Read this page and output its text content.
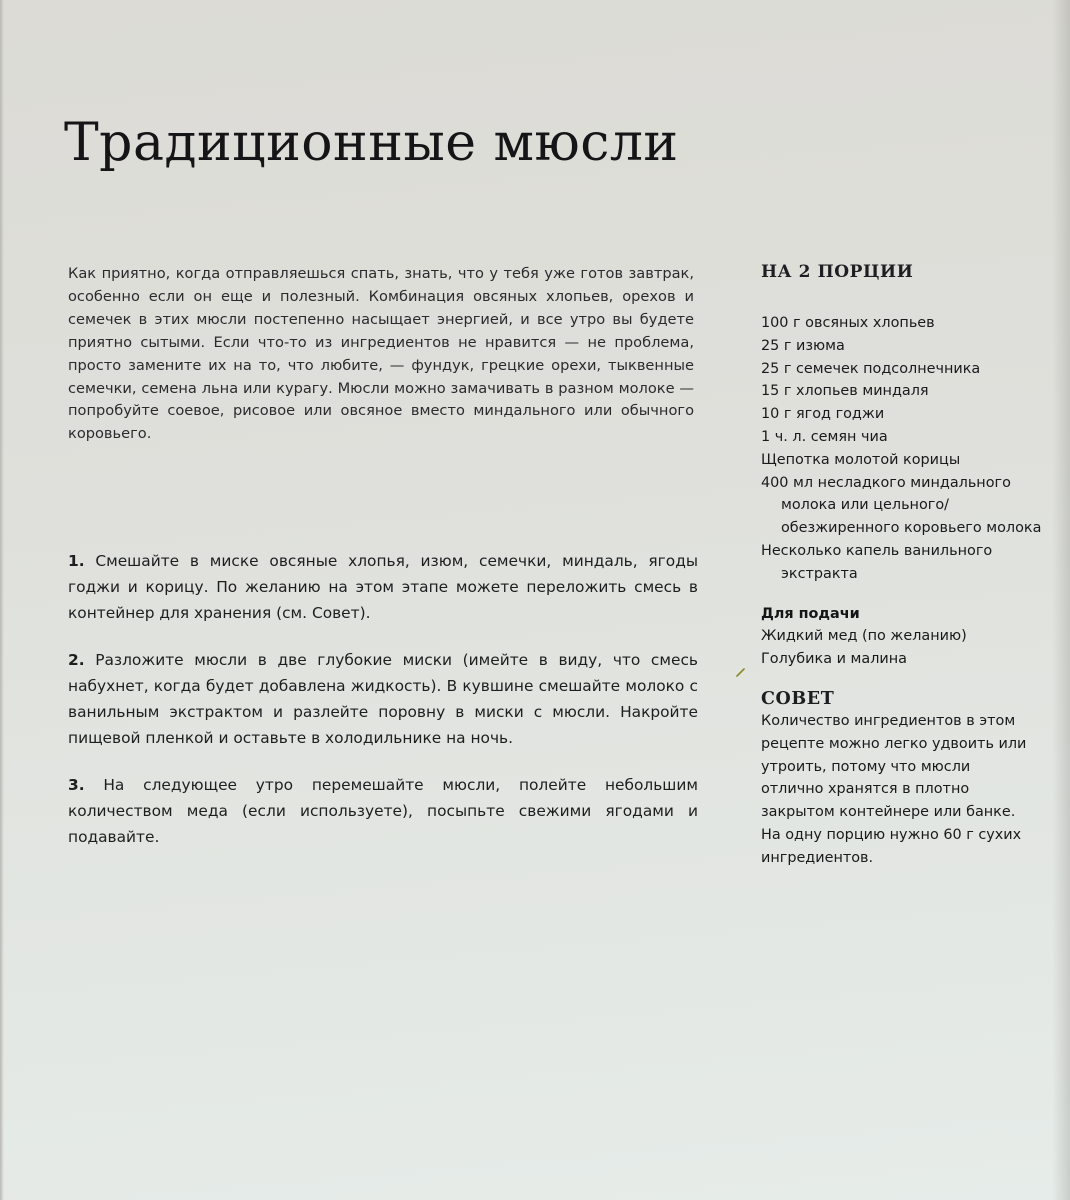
Традиционные мюсли

Как приятно, когда отправляешься спать, знать, что у тебя уже готов завтрак, особенно если он еще и полезный. Комбинация овсяных хлопьев, орехов и семечек в этих мюсли постепенно насыщает энергией, и все утро вы будете приятно сытыми. Если что-то из ингредиентов не нравится — не проблема, просто замените их на то, что любите, — фундук, грецкие орехи, тыквенные семечки, семена льна или курагу. Мюсли можно замачивать в разном молоке — попробуйте соевое, рисовое или овсяное вместо миндального или обычного коровьего.

1. Смешайте в миске овсяные хлопья, изюм, семечки, миндаль, ягоды годжи и корицу. По желанию на этом этапе можете переложить смесь в контейнер для хранения (см. Совет).

2. Разложите мюсли в две глубокие миски (имейте в виду, что смесь набухнет, когда будет добавлена жидкость). В кувшине смешайте молоко с ванильным экстрактом и разлейте поровну в миски с мюсли. Накройте пищевой пленкой и оставьте в холодильнике на ночь.

3. На следующее утро перемешайте мюсли, полейте небольшим количеством меда (если используете), посыпьте свежими ягодами и подавайте.

НА 2 ПОРЦИИ
100 г овсяных хлопьев
25 г изюма
25 г семечек подсолнечника
15 г хлопьев миндаля
10 г ягод годжи
1 ч. л. семян чиа
Щепотка молотой корицы
400 мл несладкого миндального молока или цельного/обезжиренного коровьего молока
Несколько капель ванильного экстракта
Для подачи
Жидкий мед (по желанию)
Голубика и малина
СОВЕТ

Количество ингредиентов в этом рецепте можно легко удвоить или утроить, потому что мюсли отлично хранятся в плотно закрытом контейнере или банке. На одну порцию нужно 60 г сухих ингредиентов.
